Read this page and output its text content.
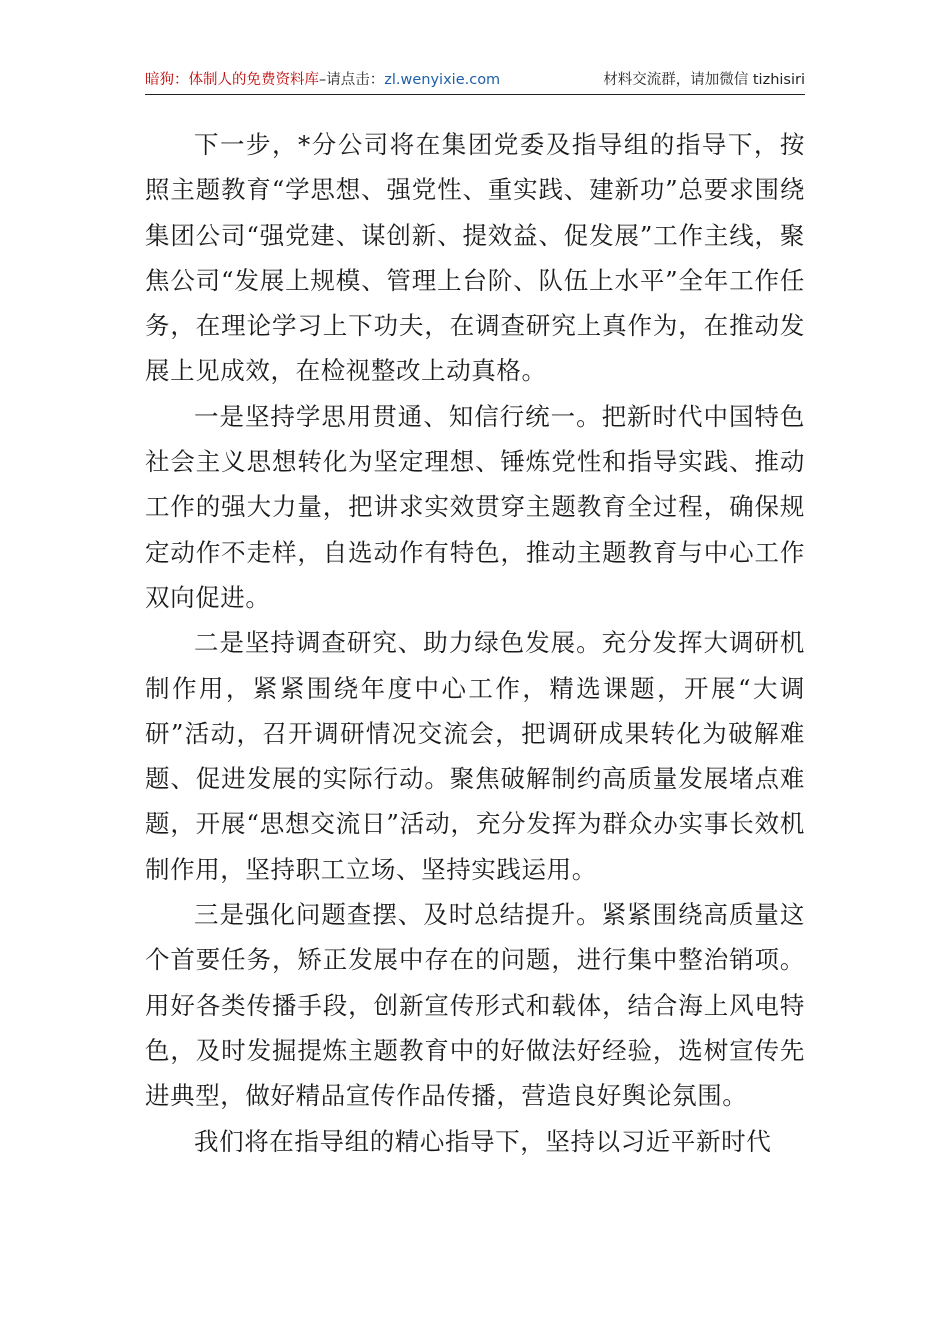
暗狗：体制人的免费资料库–请点击：zl.wenyixie.com	材料交流群，请加微信 tizhisiri

下一步，*分公司将在集团党委及指导组的指导下，按照主题教育“学思想、强党性、重实践、建新功”总要求围绕集团公司“强党建、谋创新、提效益、促发展”工作主线，聚焦公司“发展上规模、管理上台阶、队伍上水平”全年工作任务，在理论学习上下功夫，在调查研究上真作为，在推动发展上见成效，在检视整改上动真格。

一是坚持学思用贯通、知信行统一。把新时代中国特色社会主义思想转化为坚定理想、锤炼党性和指导实践、推动工作的强大力量，把讲求实效贯穿主题教育全过程，确保规定动作不走样，自选动作有特色，推动主题教育与中心工作双向促进。

二是坚持调查研究、助力绿色发展。充分发挥大调研机制作用，紧紧围绕年度中心工作，精选课题，开展“大调研”活动，召开调研情况交流会，把调研成果转化为破解难题、促进发展的实际行动。聚焦破解制约高质量发展堵点难题，开展“思想交流日”活动，充分发挥为群众办实事长效机制作用，坚持职工立场、坚持实践运用。

三是强化问题查摆、及时总结提升。紧紧围绕高质量这个首要任务，矫正发展中存在的问题，进行集中整治销项。用好各类传播手段，创新宣传形式和载体，结合海上风电特色，及时发掘提炼主题教育中的好做法好经验，选树宣传先进典型，做好精品宣传作品传播，营造良好舆论氛围。

我们将在指导组的精心指导下，坚持以习近平新时代
